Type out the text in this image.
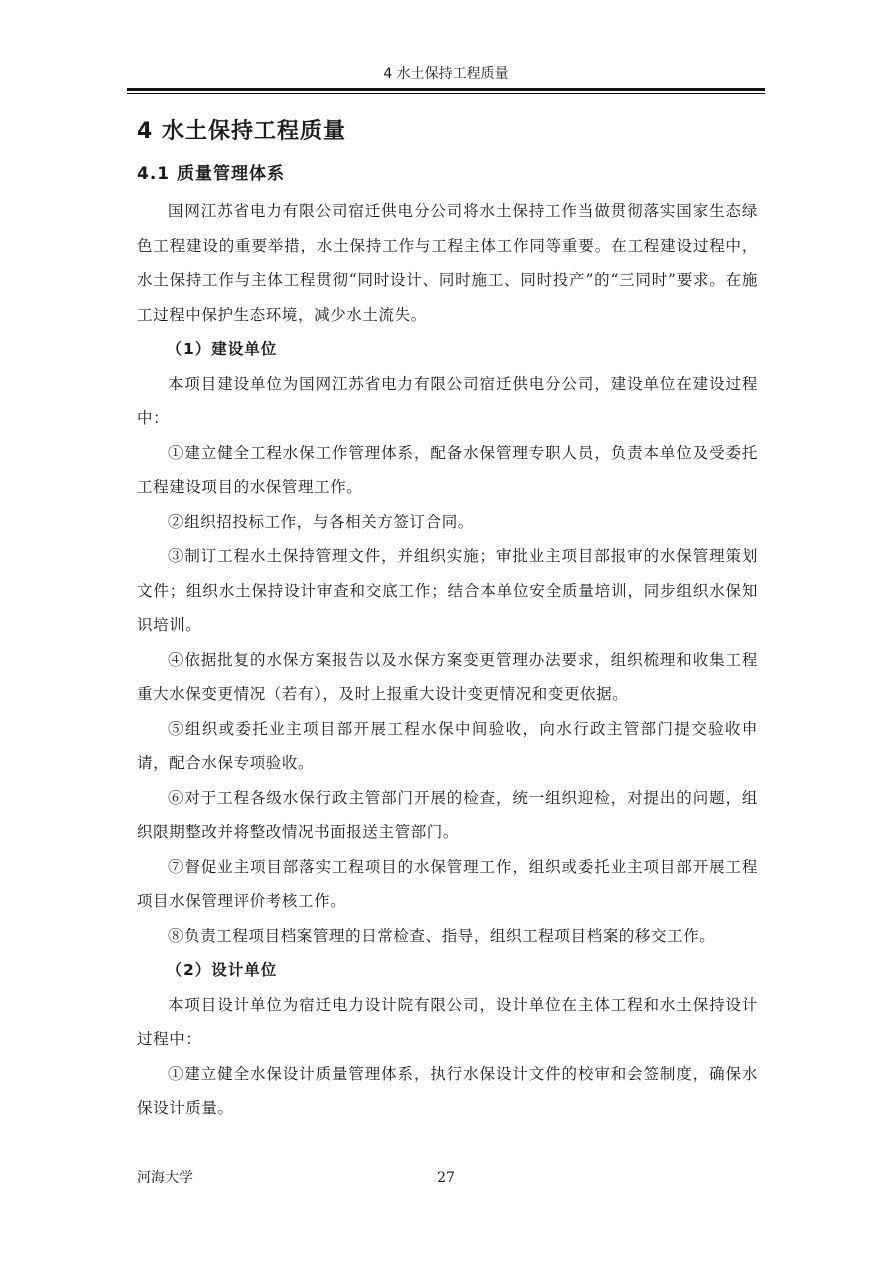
4 水土保持工程质量
4 水土保持工程质量
4.1 质量管理体系

国网江苏省电力有限公司宿迁供电分公司将水土保持工作当做贯彻落实国家生态绿色工程建设的重要举措，水土保持工作与工程主体工作同等重要。在工程建设过程中，水土保持工作与主体工程贯彻“同时设计、同时施工、同时投产”的“三同时”要求。在施工过程中保护生态环境，减少水土流失。

（1）建设单位

本项目建设单位为国网江苏省电力有限公司宿迁供电分公司，建设单位在建设过程中：

①建立健全工程水保工作管理体系，配备水保管理专职人员，负责本单位及受委托工程建设项目的水保管理工作。

②组织招投标工作，与各相关方签订合同。

③制订工程水土保持管理文件，并组织实施；审批业主项目部报审的水保管理策划文件；组织水土保持设计审查和交底工作；结合本单位安全质量培训，同步组织水保知识培训。

④依据批复的水保方案报告以及水保方案变更管理办法要求，组织梳理和收集工程重大水保变更情况（若有），及时上报重大设计变更情况和变更依据。

⑤组织或委托业主项目部开展工程水保中间验收，向水行政主管部门提交验收申请，配合水保专项验收。

⑥对于工程各级水保行政主管部门开展的检查，统一组织迎检，对提出的问题，组织限期整改并将整改情况书面报送主管部门。

⑦督促业主项目部落实工程项目的水保管理工作，组织或委托业主项目部开展工程项目水保管理评价考核工作。

⑧负责工程项目档案管理的日常检查、指导，组织工程项目档案的移交工作。

（2）设计单位

本项目设计单位为宿迁电力设计院有限公司，设计单位在主体工程和水土保持设计过程中：

①建立健全水保设计质量管理体系，执行水保设计文件的校审和会签制度，确保水保设计质量。

河海大学	27
